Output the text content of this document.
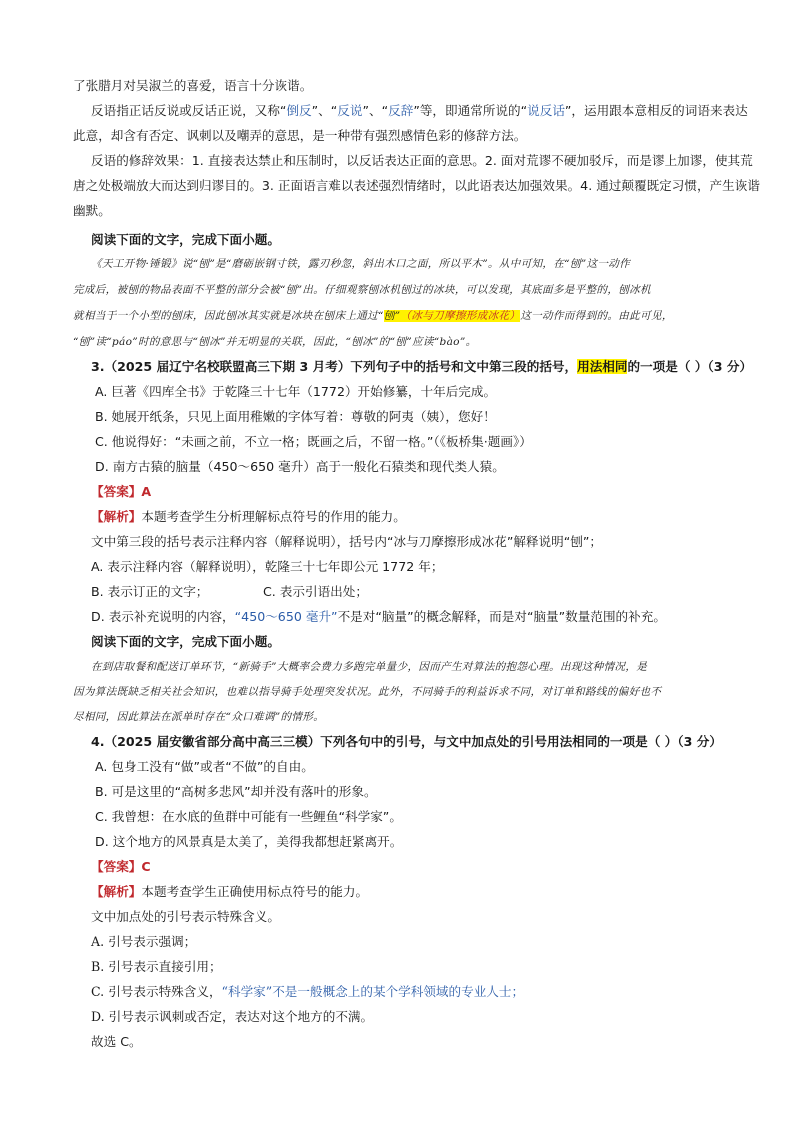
了张腊月对吴淑兰的喜爱，语言十分诙谐。
反语指正话反说或反话正说，又称“倒反”、“反说”、“反辞”等，即通常所说的“说反话”，运用跟本意相反的词语来表达
此意，却含有否定、讽刺以及嘲弄的意思，是一种带有强烈感情色彩的修辞方法。
反语的修辞效果：1. 直接表达禁止和压制时，以反话表达正面的意思。2. 面对荒谬不硬加驳斥，而是谬上加谬，使其荒
唐之处极端放大而达到归谬目的。3. 正面语言难以表述强烈情绪时，以此语表达加强效果。4. 通过颠覆既定习惯，产生诙谐
幽默。
阅读下面的文字，完成下面小题。
《天工开物·锤锻》说“刨”是“磨砺嵌钢寸铁，露刃秒忽，斜出木口之面，所以平木”。从中可知，在“刨”这一动作
完成后，被刨的物品表面不平整的部分会被“刨”出。仔细观察刨冰机刨过的冰块，可以发现，其底面多是平整的，刨冰机
就相当于一个小型的刨床，因此刨冰其实就是冰块在刨床上通过“刨”（冰与刀摩擦形成冰花）这一动作而得到的。由此可见，
“刨”读“páo”时的意思与“刨冰”并无明显的关联，因此，“刨冰”的“刨”应读“bào”。
3.（2025 届辽宁名校联盟高三下期 3 月考）下列句子中的括号和文中第三段的括号，用法相同的一项是（ ）（3 分）
A. 巨著《四库全书》于乾隆三十七年（1772）开始修纂，十年后完成。
B. 她展开纸条，只见上面用稚嫩的字体写着：尊敬的阿夷（姨），您好！
C. 他说得好：“未画之前，不立一格；既画之后，不留一格。”（《板桥集·题画》）
D. 南方古猿的脑量（450～650 毫升）高于一般化石猿类和现代类人猿。
【答案】A
【解析】本题考查学生分析理解标点符号的作用的能力。
文中第三段的括号表示注释内容（解释说明），括号内“冰与刀摩擦形成冰花”解释说明“刨”；
A. 表示注释内容（解释说明），乾隆三十七年即公元 1772 年；
B. 表示订正的文字；	C. 表示引语出处；
D. 表示补充说明的内容，“450～650 毫升”不是对“脑量”的概念解释，而是对“脑量”数量范围的补充。
阅读下面的文字，完成下面小题。
在到店取餐和配送订单环节，“新骑手”大概率会费力多跑完单量少，因而产生对算法的抱怨心理。出现这种情况，是
因为算法既缺乏相关社会知识，也难以指导骑手处理突发状况。此外，不同骑手的利益诉求不同，对订单和路线的偏好也不
尽相同，因此算法在派单时存在“众口难调”的情形。
4.（2025 届安徽省部分高中高三三模）下列各句中的引号，与文中加点处的引号用法相同的一项是（ ）（3 分）
A. 包身工没有“做”或者“不做”的自由。
B. 可是这里的“高树多悲风”却并没有落叶的形象。
C. 我曾想：在水底的鱼群中可能有一些鲤鱼“科学家”。
D. 这个地方的风景真是太美了，美得我都想赶紧离开。
【答案】C
【解析】本题考查学生正确使用标点符号的能力。
文中加点处的引号表示特殊含义。
A. 引号表示强调；
B. 引号表示直接引用；
C. 引号表示特殊含义，“科学家”不是一般概念上的某个学科领域的专业人士；
D. 引号表示讽刺或否定，表达对这个地方的不满。
故选 C。
